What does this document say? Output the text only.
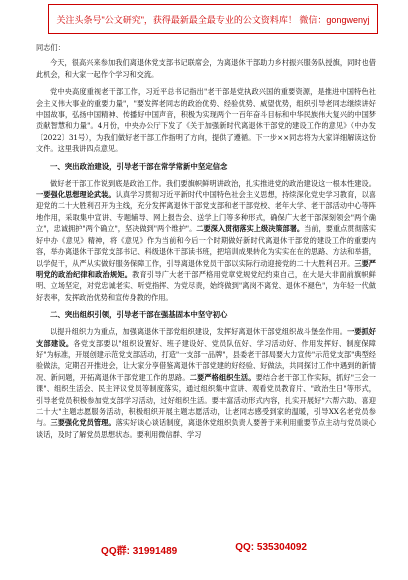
关注头条号"公文研究"，获得最新最全最专业的公文资料库！ 微信：gongwenyj

同志们：

今天，很高兴来参加我们离退休党支部书记联席会，为离退休干部助力乡村振兴服务队授旗，同时也借此机会，和大家一起作个学习和交流。

党中央高度重视老干部工作，习近平总书记指出"老干部是党执政兴国的重要资源，是推进中国特色社会主义伟大事业的重要力量"，"要发挥老同志的政治优势、经验优势、威望优势，组织引导老同志继续讲好中国故事，弘扬中国精神、传播好中国声音，积极为实现两个一百年奋斗目标和中华民族伟大复兴的中国梦贡献智慧和力量"。4月份，中央办公厅下发了《关于加强新时代离退休干部党的建设工作的意见》（中办发〔2022〕31号），为我们做好老干部工作指明了方向，提供了遵循。下一步××同志将为大家详细解读这份文件。这里我讲四点意见。

一、突出政治建设，引导老干部在常学常新中坚定信念

做好老干部工作说到底是政治工作。我们要旗帜鲜明讲政治，扎实推进党的政治建设这一根本性建设。一要强化思想理论武装。认真学习贯彻习近平新时代中国特色社会主义思想，持续深化党史学习教育，以喜迎党的二十大胜利召开为主线，充分发挥离退休干部党支部和老干部党校、老年大学、老干部活动中心等阵地作用，采取集中宣讲、专题辅导、网上报告会、送学上门等多种形式，确保广大老干部深刻领会"两个确立"，忠诚拥护"两个确立"，坚决做到"两个维护"。二要深入贯彻落实上级决策部署。当前，要重点贯彻落实好中办《意见》精神，将《意见》作为当前和今后一个时期做好新时代离退休干部党的建设工作的重要内容，举办离退休干部党支部书记、科级退休干部读书班，把培训成果转化为实实在在的思路、方法和举措，以学促干，从严从实做好服务保障工作，引导离退休党员干部以实际行动迎接党的二十大胜利召开。三要严明党的政治纪律和政治规矩。教育引导广大老干部严格用党章党规党纪约束自己，在大是大非面前旗帜鲜明、立场坚定，对党忠诚老实、听党指挥、为党尽责，始终做到"离岗不离党、退休不褪色"，为年轻一代做好表率，发挥政治优势和宣传身教的作用。

二、突出组织引领，引导老干部在强基固本中坚守初心

以提升组织力为重点，加强离退休干部党组织建设，发挥好离退休干部党组织战斗堡垒作用。一要抓好支部建设。各党支部要以"组织设置好、班子建设好、党员队伍好、学习活动好、作用发挥好、制度保障好"为标准，开展创建示范党支部活动，打造"一支部一品牌"，县委老干部局要大力宣传"示范党支部"典型经验做法，定期召开推进会，让大家分享借鉴离退休干部党建的好经验、好做法，共同探讨工作中遇到的新情况、新问题，开拓离退休干部党建工作的思路。二要严格组织生活。要结合老干部工作实际，抓好"三会一课"、组织生活会、民主评议党员等制度落实，通过组织集中宣讲、观看党员教育片、"政治生日"等形式，引导老党员积极参加党支部学习活动，过好组织生活。要丰富活动形式内容，扎实开展好"六帮六助、喜迎二十大"主题志愿服务活动，积极组织开展主题志愿活动，让老同志感受到家的温暖，引导XX名老党员参与。三要强化党员管理。落实好谈心谈话制度，离退休党组织负责人要善于来利用重要节点主动与党员谈心谈话，及时了解党员思想状态。要利用微信群、学习

QQ群: 31991489	QQ: 535304092
